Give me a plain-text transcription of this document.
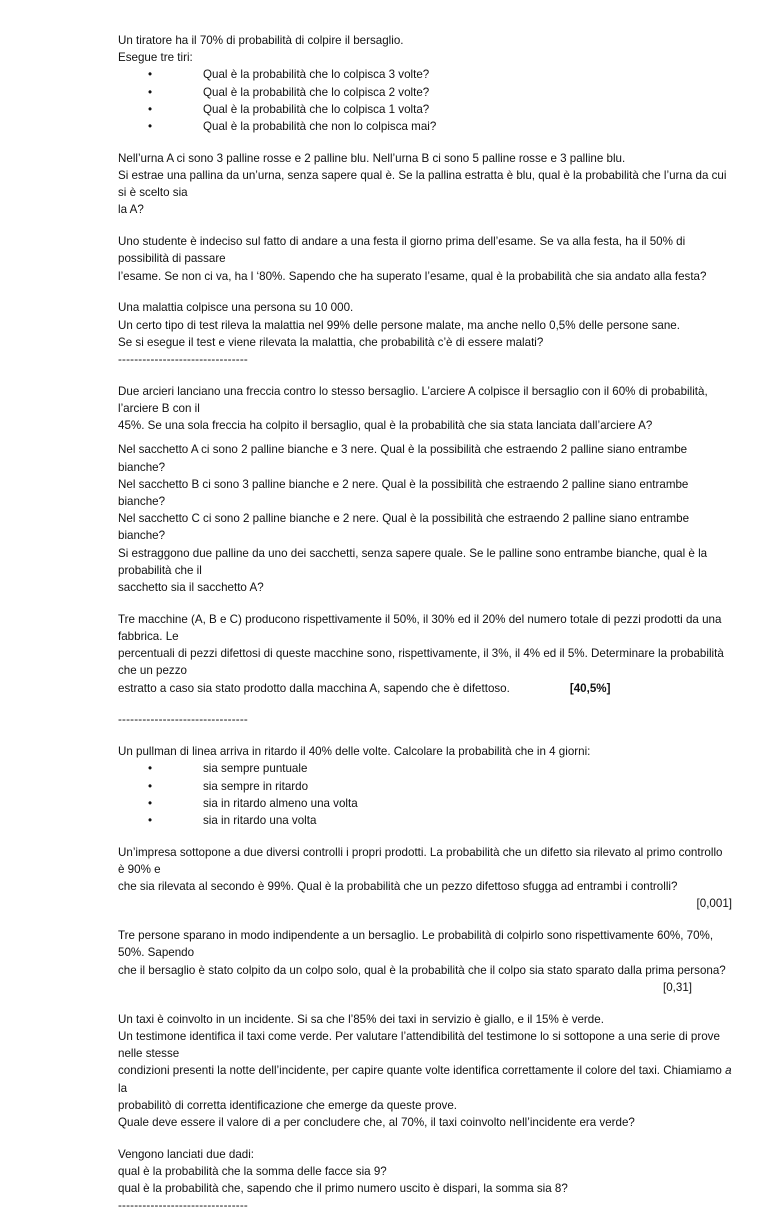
Un tiratore ha il 70% di probabilità di colpire il bersaglio.

Esegue tre tiri:

•	Qual è la probabilità che lo colpisca 3 volte?
•	Qual è la probabilità che lo colpisca 2 volte?
•	Qual è la probabilità che lo colpisca 1 volta?
•	Qual è la probabilità che non lo colpisca mai?

Nell’urna A ci sono 3 palline rosse e 2 palline blu. Nell’urna B ci sono 5 palline rosse e 3 palline blu.

Si estrae una pallina da un’urna, senza sapere qual è. Se la pallina estratta è blu, qual è la probabilità che l’urna da cui si è scelto sia

la A?

Uno studente è indeciso sul fatto di andare a una festa il giorno prima dell’esame. Se va alla festa, ha il 50% di possibilità di passare

l’esame. Se non ci va, ha l ‘80%. Sapendo che ha superato l’esame, qual è la probabilità che sia andato alla festa?

Una malattia colpisce una persona su 10 000.

Un certo tipo di test rileva la malattia nel 99% delle persone malate, ma anche nello 0,5% delle persone sane.

Se si esegue il test e viene rilevata la malattia, che probabilità c’è di essere malati?

--------------------------------

Due arcieri lanciano una freccia contro lo stesso bersaglio. L’arciere A colpisce il bersaglio con il 60% di probabilità, l’arciere B con il

45%. Se una sola freccia ha colpito il bersaglio, qual è la probabilità che sia stata lanciata dall’arciere A?

Nel sacchetto A ci sono 2 palline bianche e 3 nere. Qual è la possibilità che estraendo 2 palline siano entrambe bianche?

Nel sacchetto B ci sono 3 palline bianche e 2 nere. Qual è la possibilità che estraendo 2 palline siano entrambe bianche?

Nel sacchetto C ci sono 2 palline bianche e 2 nere. Qual è la possibilità che estraendo 2 palline siano entrambe bianche?

Si estraggono due palline da uno dei sacchetti, senza sapere quale. Se le palline sono entrambe bianche, qual è la probabilità che il

sacchetto sia il sacchetto A?

Tre macchine (A, B e C) producono rispettivamente il 50%, il 30% ed il 20% del numero totale di pezzi prodotti da una fabbrica. Le

percentuali di pezzi difettosi di queste macchine sono, rispettivamente, il 3%, il 4% ed il 5%. Determinare la probabilità che un pezzo

estratto a caso sia stato prodotto dalla macchina A, sapendo che è difettoso.	[40,5%]

--------------------------------

Un pullman di linea arriva in ritardo il 40% delle volte. Calcolare la probabilità che in 4 giorni:

•	sia sempre puntuale
•	sia sempre in ritardo
•	sia in ritardo almeno una volta
•	sia in ritardo una volta

Un’impresa sottopone a due diversi controlli i propri prodotti. La probabilità che un difetto sia rilevato al primo controllo è 90% e

che sia rilevata al secondo è 99%. Qual è la probabilità che un pezzo difettoso sfugga ad entrambi i controlli?

[0,001]

Tre persone sparano in modo indipendente a un bersaglio. Le probabilità di colpirlo sono rispettivamente 60%, 70%, 50%. Sapendo

che il bersaglio è stato colpito da un colpo solo, qual è la probabilità che il colpo sia stato sparato dalla prima persona?

[0,31]

Un taxi è coinvolto in un incidente. Si sa che l’85% dei taxi in servizio è giallo, e il 15% è verde.

Un testimone identifica il taxi come verde. Per valutare l’attendibilità del testimone lo si sottopone a una serie di prove nelle stesse

condizioni presenti la notte dell’incidente, per capire quante volte identifica correttamente il colore del taxi. Chiamiamo a la

probabilitò di corretta identificazione che emerge da queste prove.

Quale deve essere il valore di a per concludere che, al 70%, il taxi coinvolto nell’incidente era verde?

Vengono lanciati due dadi:

qual è la probabilità che la somma delle facce sia 9?

qual è la probabilità che, sapendo che il primo numero uscito è dispari, la somma sia 8?

--------------------------------
